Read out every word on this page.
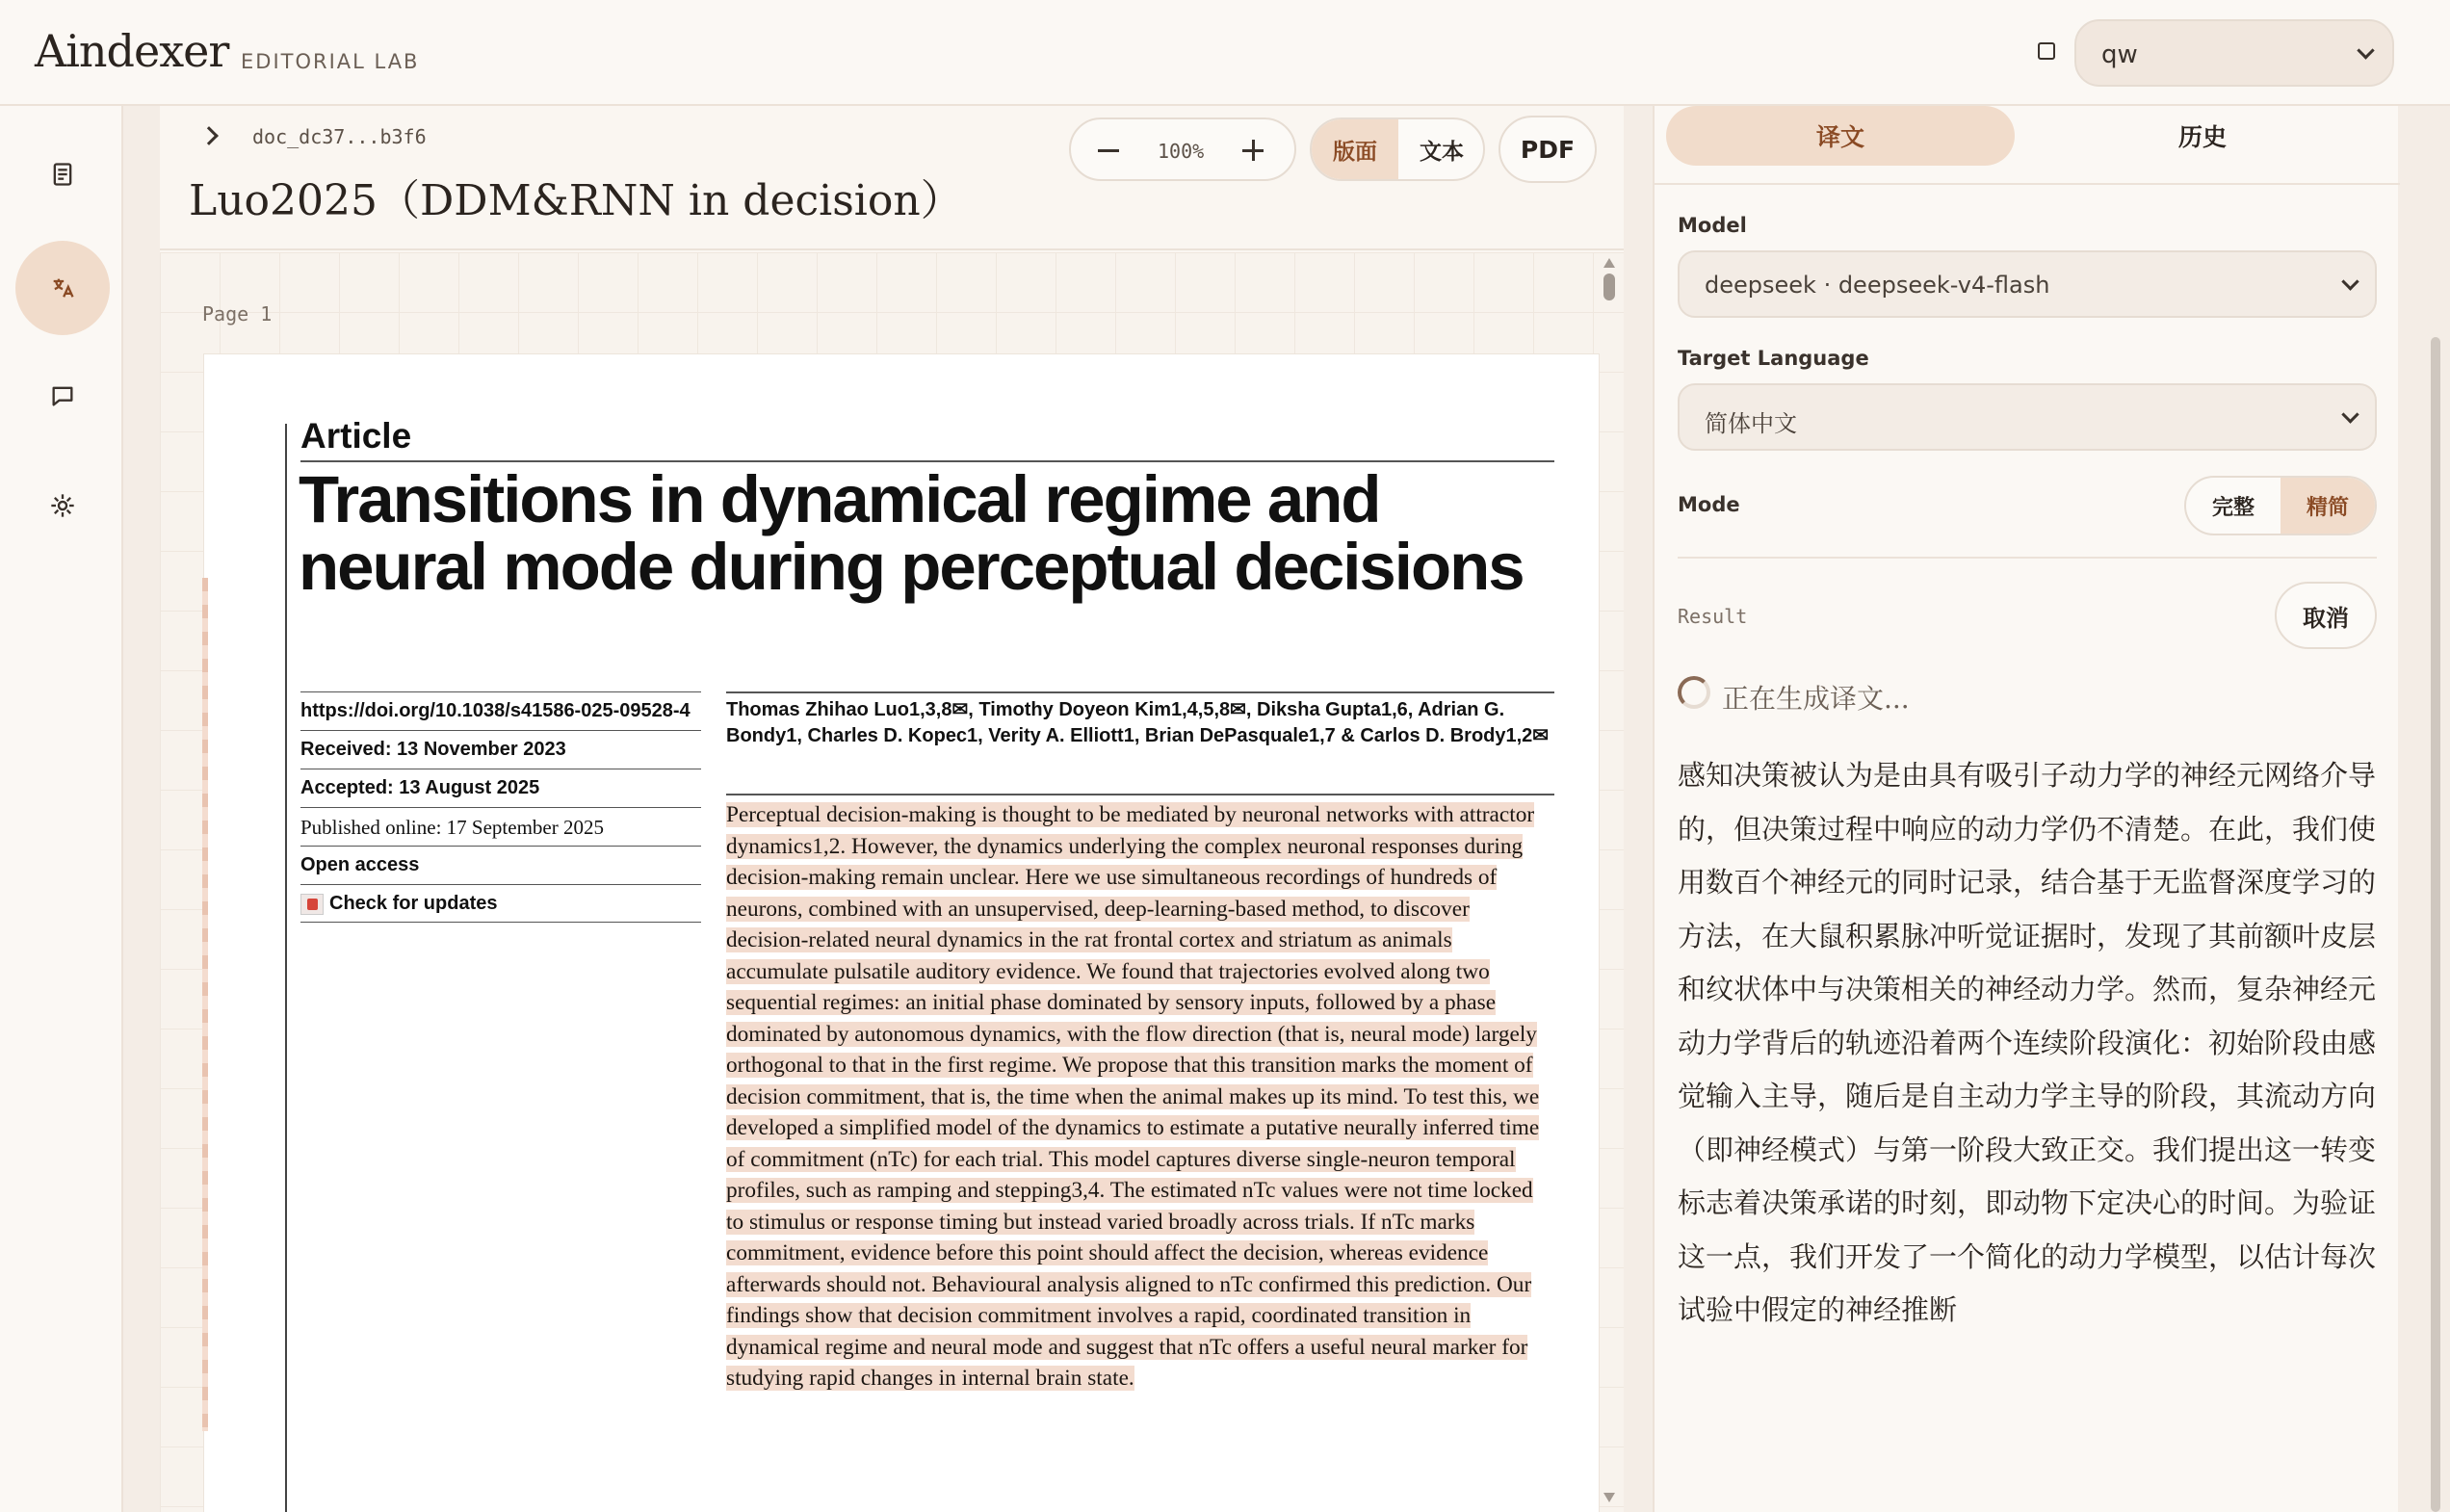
Aindexer EDITORIAL LAB	qw
doc_dc37...b3f6
Luo2025（DDM&RNN in decision）
100%	版面	文本	PDF
Page 1
Article
Transitions in dynamical regime and neural mode during perceptual decisions
https://doi.org/10.1038/s41586-025-09528-4
Received: 13 November 2023
Accepted: 13 August 2025
Published online: 17 September 2025
Open access
Check for updates
Thomas Zhihao Luo1,3,8✉, Timothy Doyeon Kim1,4,5,8✉, Diksha Gupta1,6, Adrian G. Bondy1, Charles D. Kopec1, Verity A. Elliott1, Brian DePasquale1,7 & Carlos D. Brody1,2✉
Perceptual decision-making is thought to be mediated by neuronal networks with attractor dynamics1,2. However, the dynamics underlying the complex neuronal responses during decision-making remain unclear. Here we use simultaneous recordings of hundreds of neurons, combined with an unsupervised, deep-learning-based method, to discover decision-related neural dynamics in the rat frontal cortex and striatum as animals accumulate pulsatile auditory evidence. We found that trajectories evolved along two sequential regimes: an initial phase dominated by sensory inputs, followed by a phase dominated by autonomous dynamics, with the flow direction (that is, neural mode) largely orthogonal to that in the first regime. We propose that this transition marks the moment of decision commitment, that is, the time when the animal makes up its mind. To test this, we developed a simplified model of the dynamics to estimate a putative neurally inferred time of commitment (nTc) for each trial. This model captures diverse single-neuron temporal profiles, such as ramping and stepping3,4. The estimated nTc values were not time locked to stimulus or response timing but instead varied broadly across trials. If nTc marks commitment, evidence before this point should affect the decision, whereas evidence afterwards should not. Behavioural analysis aligned to nTc confirmed this prediction. Our findings show that decision commitment involves a rapid, coordinated transition in dynamical regime and neural mode and suggest that nTc offers a useful neural marker for studying rapid changes in internal brain state.
译文	历史
Model
deepseek · deepseek-v4-flash
Target Language
简体中文
Mode	完整	精简
Result	取消
正在生成译文...
感知决策被认为是由具有吸引子动力学的神经元网络介导的，但决策过程中响应的动力学仍不清楚。在此，我们使用数百个神经元的同时记录，结合基于无监督深度学习的方法，在大鼠积累脉冲听觉证据时，发现了其前额叶皮层和纹状体中与决策相关的神经动力学。然而，复杂神经元动力学背后的轨迹沿着两个连续阶段演化：初始阶段由感觉输入主导，随后是自主动力学主导的阶段，其流动方向（即神经模式）与第一阶段大致正交。我们提出这一转变标志着决策承诺的时刻，即动物下定决心的时间。为验证这一点，我们开发了一个简化的动力学模型，以估计每次试验中假定的神经推断
